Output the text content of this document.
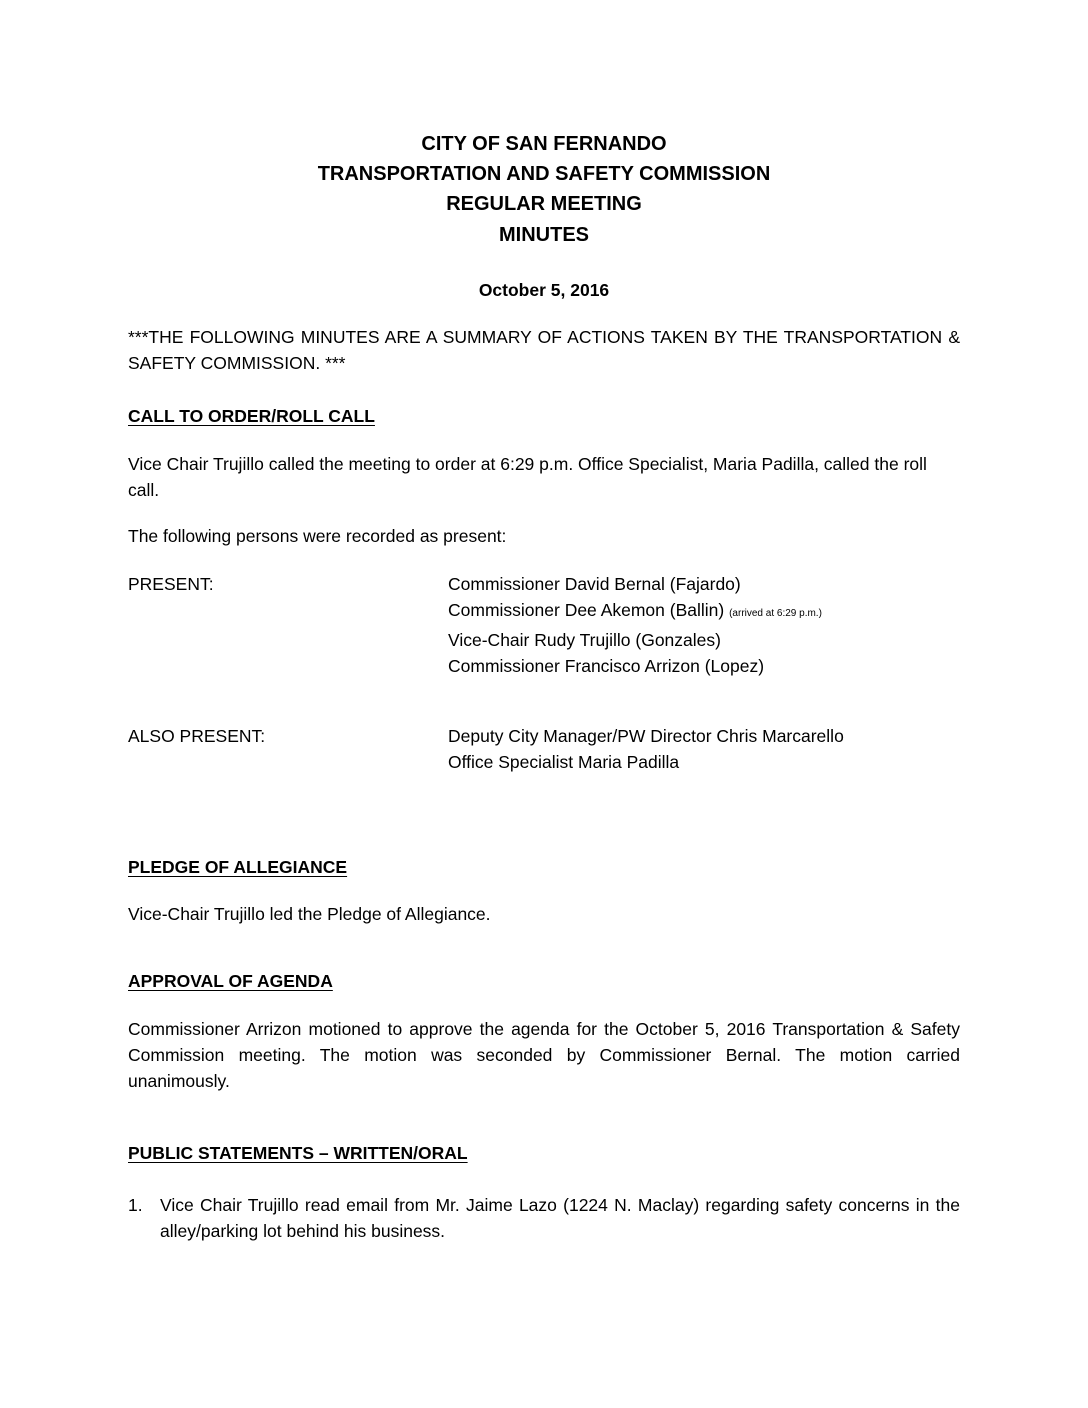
CITY OF SAN FERNANDO
TRANSPORTATION AND SAFETY COMMISSION
REGULAR MEETING
MINUTES
October 5, 2016
***THE FOLLOWING MINUTES ARE A SUMMARY OF ACTIONS TAKEN BY THE TRANSPORTATION & SAFETY COMMISSION. ***
CALL TO ORDER/ROLL CALL
Vice Chair Trujillo called the meeting to order at 6:29 p.m. Office Specialist, Maria Padilla, called the roll call.
The following persons were recorded as present:
PRESENT:	Commissioner David Bernal (Fajardo)
Commissioner Dee Akemon (Ballin) (arrived at 6:29 p.m.)
Vice-Chair Rudy Trujillo (Gonzales)
Commissioner Francisco Arrizon (Lopez)
ALSO PRESENT:	Deputy City Manager/PW Director Chris Marcarello
Office Specialist Maria Padilla
PLEDGE OF ALLEGIANCE
Vice-Chair Trujillo led the Pledge of Allegiance.
APPROVAL OF AGENDA
Commissioner Arrizon motioned to approve the agenda for the October 5, 2016 Transportation & Safety Commission meeting. The motion was seconded by Commissioner Bernal. The motion carried unanimously.
PUBLIC STATEMENTS – WRITTEN/ORAL
1. Vice Chair Trujillo read email from Mr. Jaime Lazo (1224 N. Maclay) regarding safety concerns in the alley/parking lot behind his business.
